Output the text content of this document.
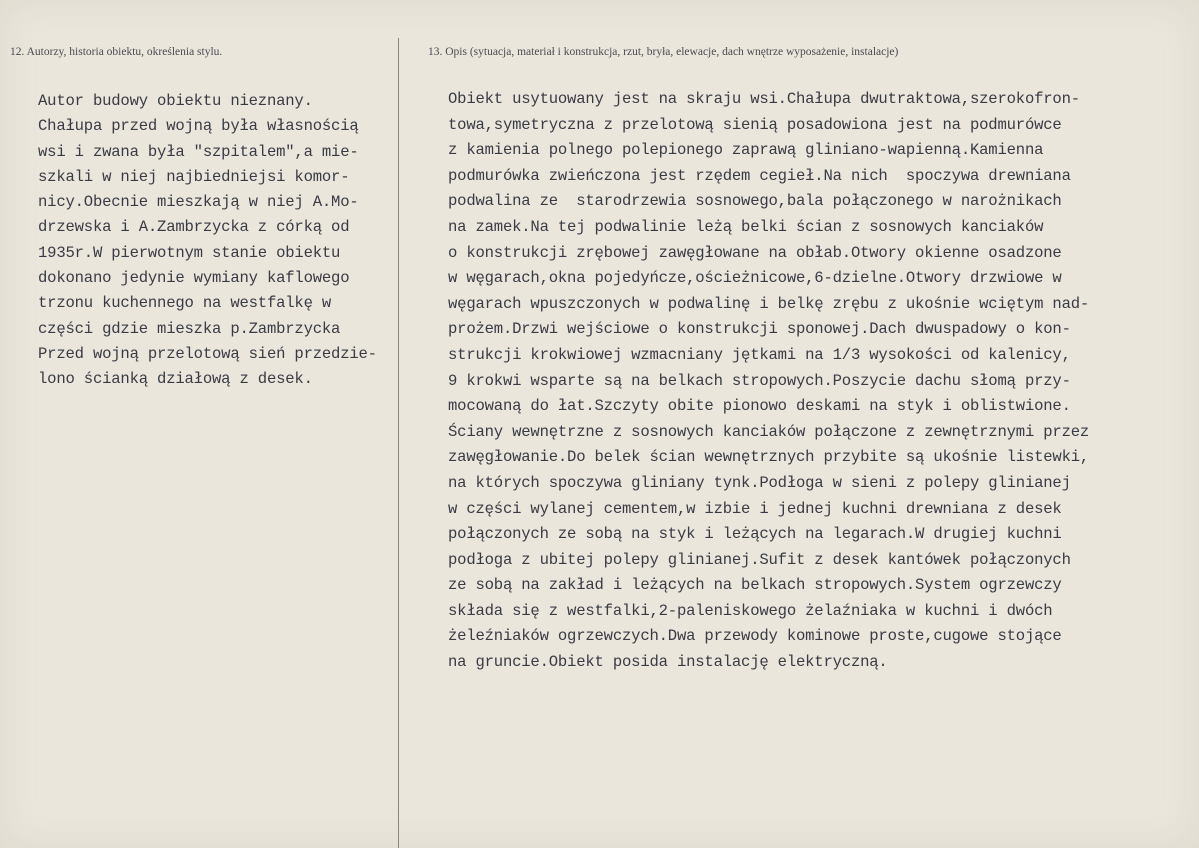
12. Autorzy, historia obiektu, określenia stylu.	13. Opis (sytuacja, materiał i konstrukcja, rzut, bryła, elewacje, dach wnętrze wyposażenie, instalacje)
Autor budowy obiektu nieznany.
Chałupa przed wojną była własnością
wsi i zwana była "szpitalem",a mie-
szkali w niej najbiedniejsi komor-
nicy.Obecnie mieszkają w niej A.Mo-
drzewska i A.Zambrzycka z córką od
1935r.W pierwotnym stanie obiektu
dokonano jedynie wymiany kaflowego
trzonu kuchennego na westfalkę w
części gdzie mieszka p.Zambrzycka
Przed wojną przelotową sień przedzie-
lono ścianką działową z desek.
Obiekt usytuowany jest na skraju wsi.Chałupa dwutraktowa,szerokofron-
towa,symetryczna z przelotową sienią posadowiona jest na podmurówce
z kamienia polnego polepionego zaprawą gliniano-wapienną.Kamienna
podmurówka zwieńczona jest rzędem cegieł.Na nich  spoczywa drewniana
podwalina ze  starodrzewia sosnowego,bala połączonego w narożnikach
na zamek.Na tej podwalinie leżą belki ścian z sosnowych kanciaków
o konstrukcji zrębowej zawęgłowane na obłab.Otwory okienne osadzone
w węgarach,okna pojedyńcze,ościeżnicowe,6-dzielne.Otwory drzwiowe w
węgarach wpuszczonych w podwalinę i belkę zrębu z ukośnie wciętym nad-
prożem.Drzwi wejściowe o konstrukcji sponowej.Dach dwuspadowy o kon-
strukcji krokwiowej wzmacniany jętkami na 1/3 wysokości od kalenicy,
9 krokwi wsparte są na belkach stropowych.Poszycie dachu słomą przy-
mocowaną do łat.Szczyty obite pionowo deskami na styk i oblistwione.
Ściany wewnętrzne z sosnowych kanciaków połączone z zewnętrznymi przez
zawęgłowanie.Do belek ścian wewnętrznych przybite są ukośnie listewki,
na których spoczywa gliniany tynk.Podłoga w sieni z polepy glinianej
w części wylanej cementem,w izbie i jednej kuchni drewniana z desek
połączonych ze sobą na styk i leżących na legarach.W drugiej kuchni
podłoga z ubitej polepy glinianej.Sufit z desek kantówek połączonych
ze sobą na zakład i leżących na belkach stropowych.System ogrzewczy
składa się z westfalki,2-paleniskowego żelaźniaka w kuchni i dwóch
żeleźniaków ogrzewczych.Dwa przewody kominowe proste,cugowe stojące
na gruncie.Obiekt posida instalację elektryczną.
